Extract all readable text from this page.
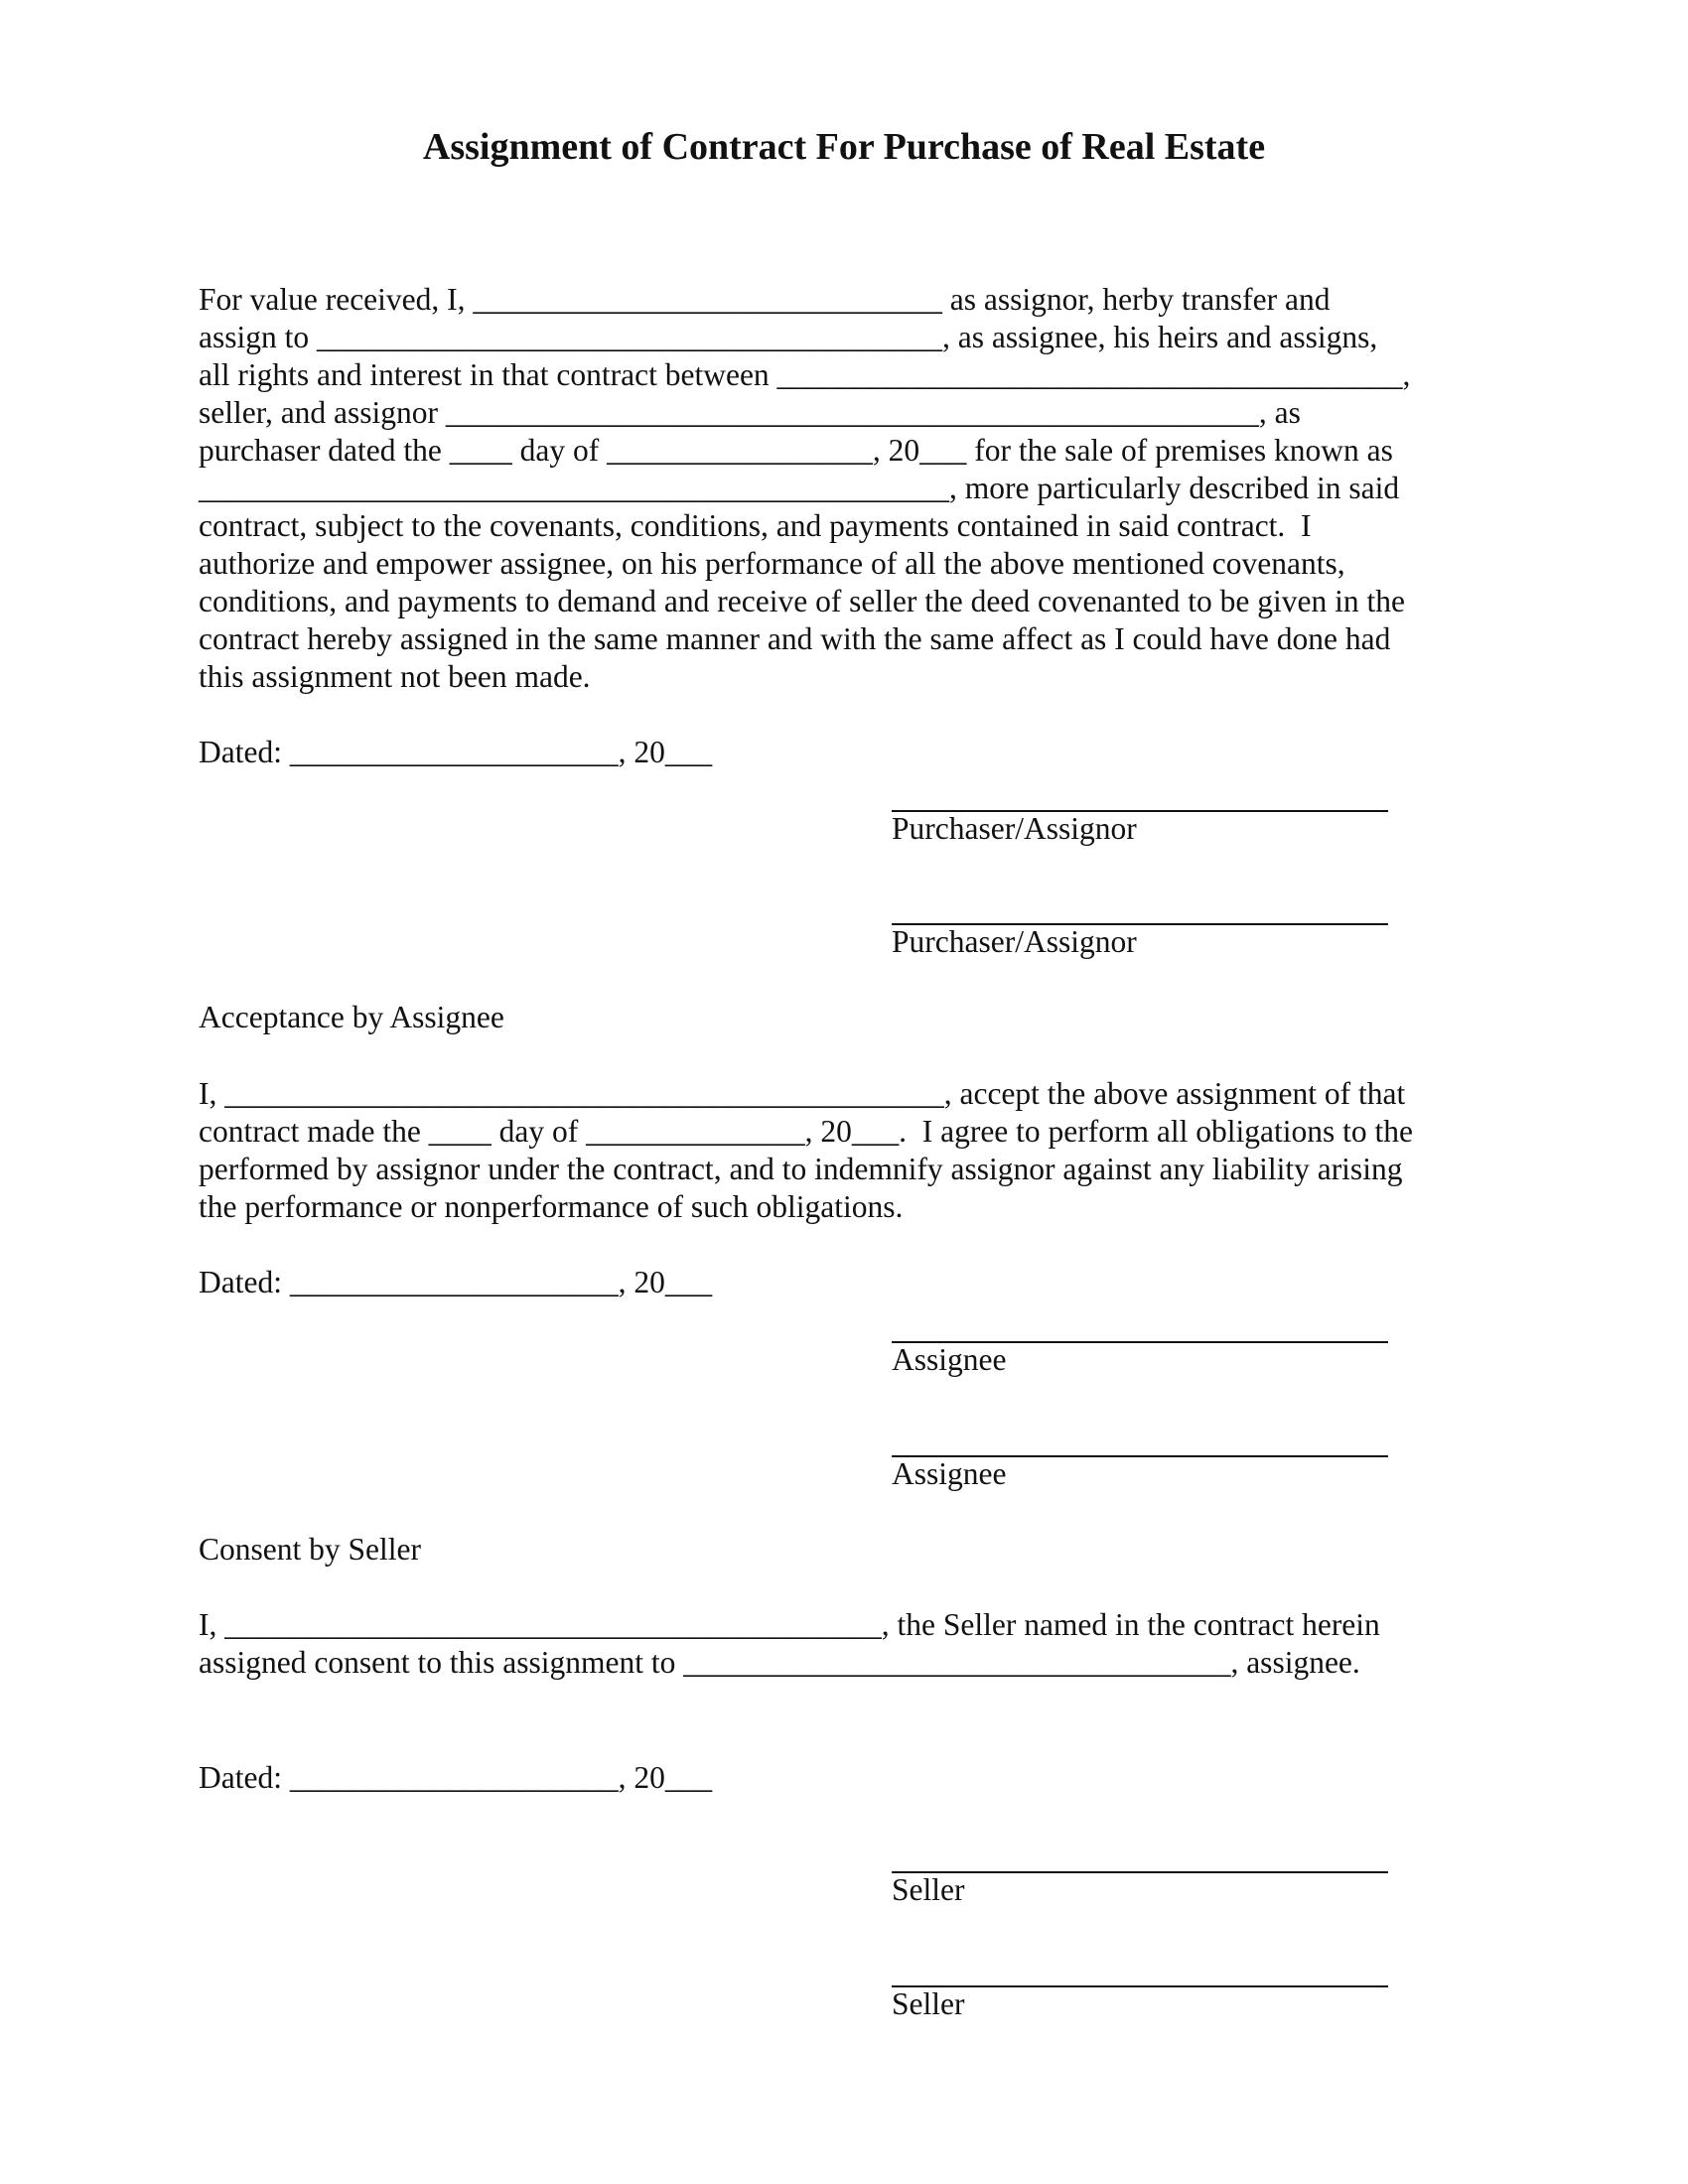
Assignment of Contract For Purchase of Real Estate
For value received, I, ______________________________ as assignor, herby transfer and
assign to ________________________________________, as assignee, his heirs and assigns,
all rights and interest in that contract between ________________________________________,
seller, and assignor ____________________________________________________, as
purchaser dated the ____ day of _________________, 20___ for the sale of premises known as
________________________________________________, more particularly described in said
contract, subject to the covenants, conditions, and payments contained in said contract.  I
authorize and empower assignee, on his performance of all the above mentioned covenants,
conditions, and payments to demand and receive of seller the deed covenanted to be given in the
contract hereby assigned in the same manner and with the same affect as I could have done had
this assignment not been made.
Dated: _____________________, 20___
Purchaser/Assignor
Purchaser/Assignor
Acceptance by Assignee
I, ______________________________________________, accept the above assignment of that
contract made the ____ day of ______________, 20___.  I agree to perform all obligations to the
performed by assignor under the contract, and to indemnify assignor against any liability arising
the performance or nonperformance of such obligations.
Dated: _____________________, 20___
Assignee
Assignee
Consent by Seller
I, __________________________________________, the Seller named in the contract herein
assigned consent to this assignment to ___________________________________, assignee.
Dated: _____________________, 20___
Seller
Seller
